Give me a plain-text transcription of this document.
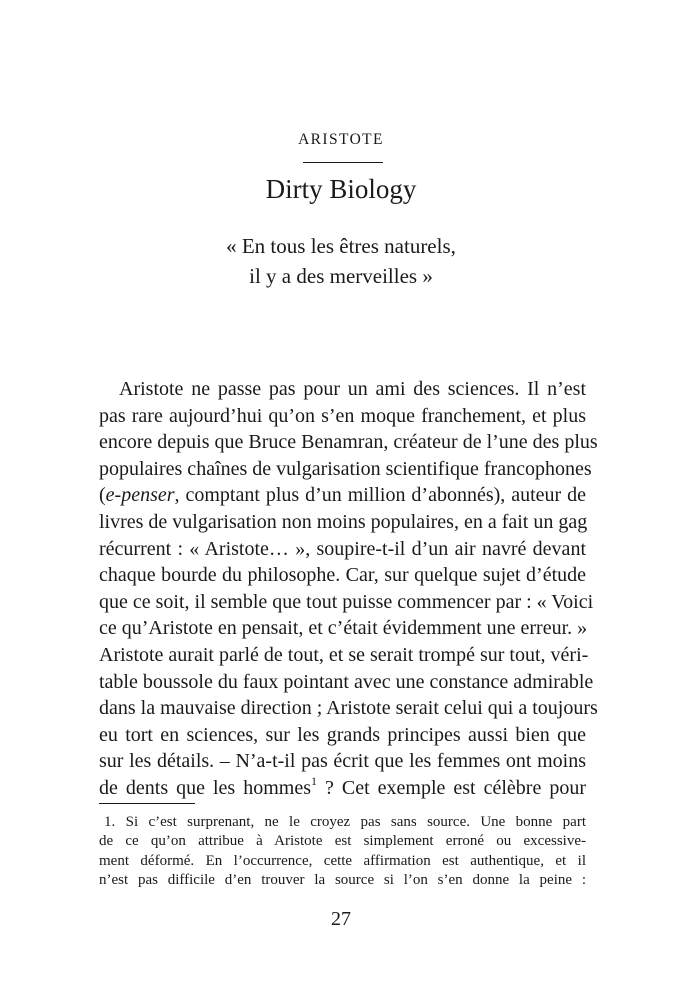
ARISTOTE
Dirty Biology
« En tous les êtres naturels,
il y a des merveilles »
Aristote ne passe pas pour un ami des sciences. Il n’est
pas rare aujourd’hui qu’on s’en moque franchement, et plus
encore depuis que Bruce Benamran, créateur de l’une des plus
populaires chaînes de vulgarisation scientifique francophones
(e-penser, comptant plus d’un million d’abonnés), auteur de
livres de vulgarisation non moins populaires, en a fait un gag
récurrent : « Aristote… », soupire-t-il d’un air navré devant
chaque bourde du philosophe. Car, sur quelque sujet d’étude
que ce soit, il semble que tout puisse commencer par : « Voici
ce qu’Aristote en pensait, et c’était évidemment une erreur. »
Aristote aurait parlé de tout, et se serait trompé sur tout, véri-
table boussole du faux pointant avec une constance admirable
dans la mauvaise direction ; Aristote serait celui qui a toujours
eu tort en sciences, sur les grands principes aussi bien que
sur les détails. – N’a-t-il pas écrit que les femmes ont moins
de dents que les hommes$^1$ ? Cet exemple est célèbre pour
1. Si c’est surprenant, ne le croyez pas sans source. Une bonne part
de ce qu’on attribue à Aristote est simplement erroné ou excessive-
ment déformé. En l’occurrence, cette affirmation est authentique, et il
n’est pas difficile d’en trouver la source si l’on s’en donne la peine :
27
